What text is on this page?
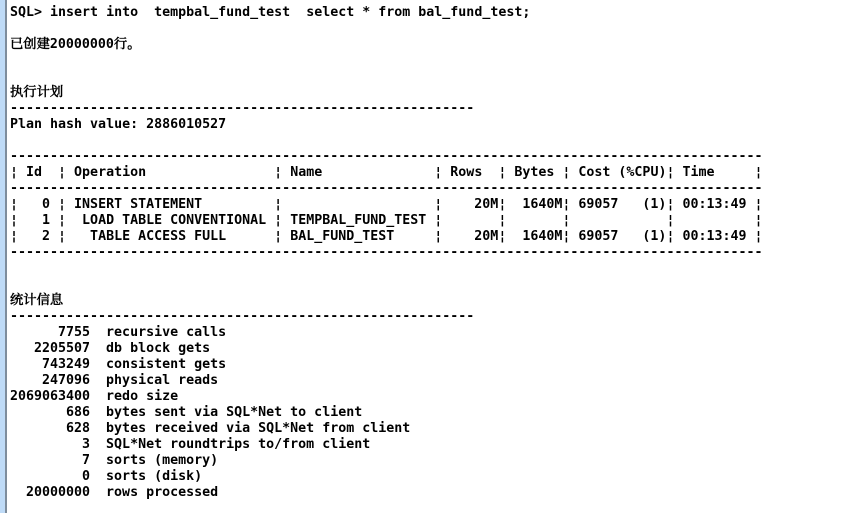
SQL> insert into  tempbal_fund_test  select * from bal_fund_test;
已创建20000000行。
执行计划
----------------------------------------------------------
Plan hash value: 2886010527
----------------------------------------------------------------------------------------------
¦ Id ¦ Operation	¦ Name	¦ Rows ¦ Bytes ¦ Cost (%CPU)¦ Time	¦
----------------------------------------------------------------------------------------------
¦ 0 ¦ INSERT STATEMENT	¦	¦ 20M¦ 1640M¦ 69057 (1)¦ 00:13:49 ¦
¦ 1 ¦ LOAD TABLE CONVENTIONAL ¦ TEMPBAL_FUND_TEST ¦	¦	¦	¦	¦
¦ 2 ¦  TABLE ACCESS FULL	¦ BAL_FUND_TEST	¦ 20M¦ 1640M¦ 69057 (1)¦ 00:13:49 ¦
----------------------------------------------------------------------------------------------
统计信息
----------------------------------------------------------
7755 recursive calls
2205507 db block gets
743249 consistent gets
247096 physical reads
2069063400 redo size
686 bytes sent via SQL*Net to client
628 bytes received via SQL*Net from client
3 SQL*Net roundtrips to/from client
7 sorts (memory)
0 sorts (disk)
20000000 rows processed
